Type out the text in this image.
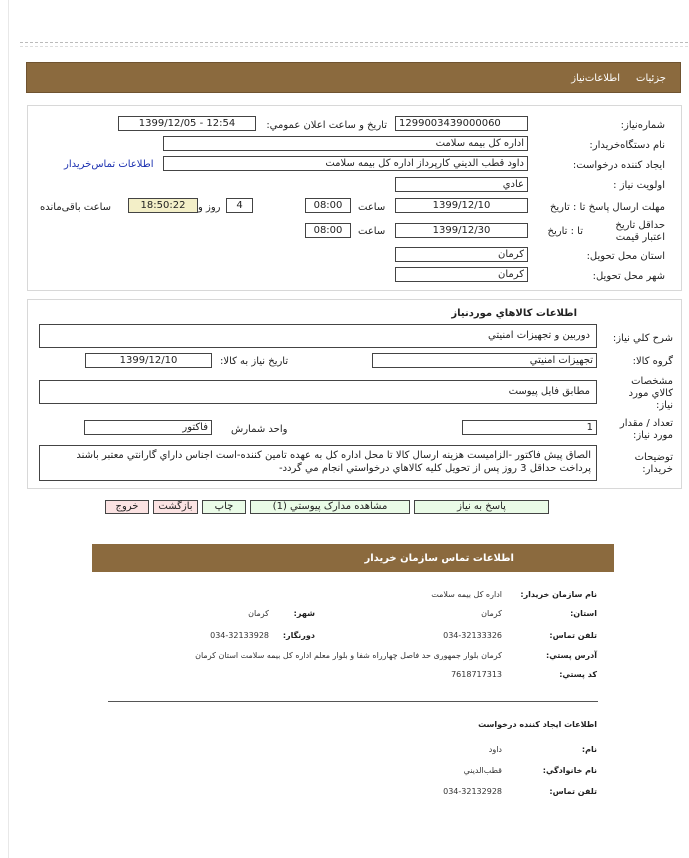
جزئيات
اطلاعات‌نياز
شماره‌نياز:
1299003439000060
تاريخ و ساعت اعلان عمومي:
1399/12/05 - 12:54
نام دستگاه‌خريدار:
اداره کل بيمه سلامت
ايجاد کننده درخواست:
داود قطب الديني کارپرداز اداره کل بيمه سلامت
اطلاعات تماس‌خريدار
اولويت نياز :
عادي
مهلت ارسال پاسخ تا : تاريخ
1399/12/10
ساعت
08:00
4
روز و
18:50:22
ساعت باقی‌مانده
حداقل تاريخ اعتبار قيمت
تا : تاريخ
1399/12/30
ساعت
08:00
استان محل تحويل:
کرمان
شهر محل تحويل:
کرمان
اطلاعات کالاهاي موردنياز
شرح کلي نياز:
دوربين و تجهيزات امنيتي
گروه کالا:
تجهيزات امنيتي
تاريخ نياز به کالا:
1399/12/10
مشخصات کالاي مورد نياز:
مطابق فايل پيوست
تعداد / مقدار مورد نياز:
1
واحد شمارش
فاکتور
توضيحات خريدار:
الصاق پيش فاکتور -الزاميست هزينه ارسال کالا تا محل اداره کل به عهده تامين کننده-است اجناس داراي گارانتي معتبر باشند پرداخت حداقل 3 روز پس از تحويل کليه کالاهاي درخواستي انجام مي گردد-
پاسخ به نياز
مشاهده مدارک پيوستي (1)
چاپ
بازگشت
خروج
اطلاعات تماس سازمان خريدار
نام سازمان خريدار:
اداره کل بيمه سلامت
استان:
کرمان
شهر:
کرمان
تلفن تماس:
034-32133326
دورنگار:
034-32133928
آدرس پستي:
کرمان بلوار جمهوری حد فاصل چهارراه شفا و بلوار معلم اداره کل بيمه سلامت استان کرمان
کد پستي:
7618717313
اطلاعات ايجاد کننده درخواست
نام:
داود
نام خانوادگي:
قطب‌الديني
تلفن تماس:
034-32132928
